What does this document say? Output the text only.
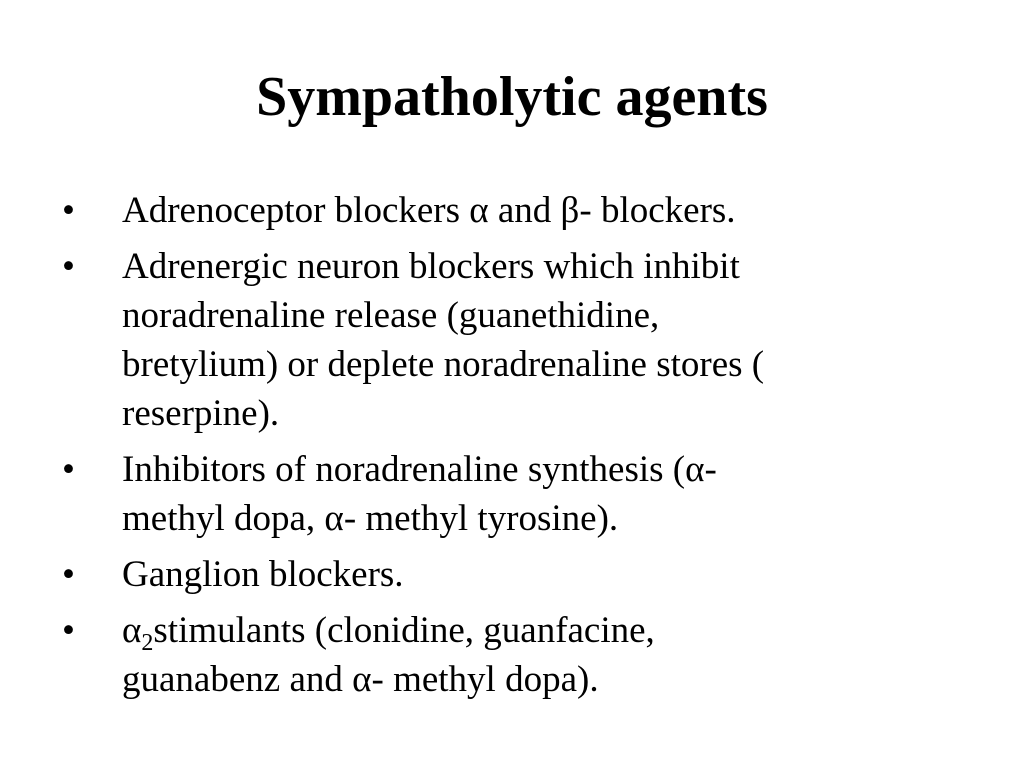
Sympatholytic agents
• Adrenoceptor blockers α and β- blockers.
• Adrenergic neuron blockers which inhibit
noradrenaline release (guanethidine,
bretylium) or deplete noradrenaline stores (
reserpine).
• Inhibitors of noradrenaline synthesis (α-
methyl dopa, α- methyl tyrosine).
• Ganglion blockers.
• $\alpha_2stimulants$ (clonidine, guanfacine,
guanabenz and α- methyl dopa).
